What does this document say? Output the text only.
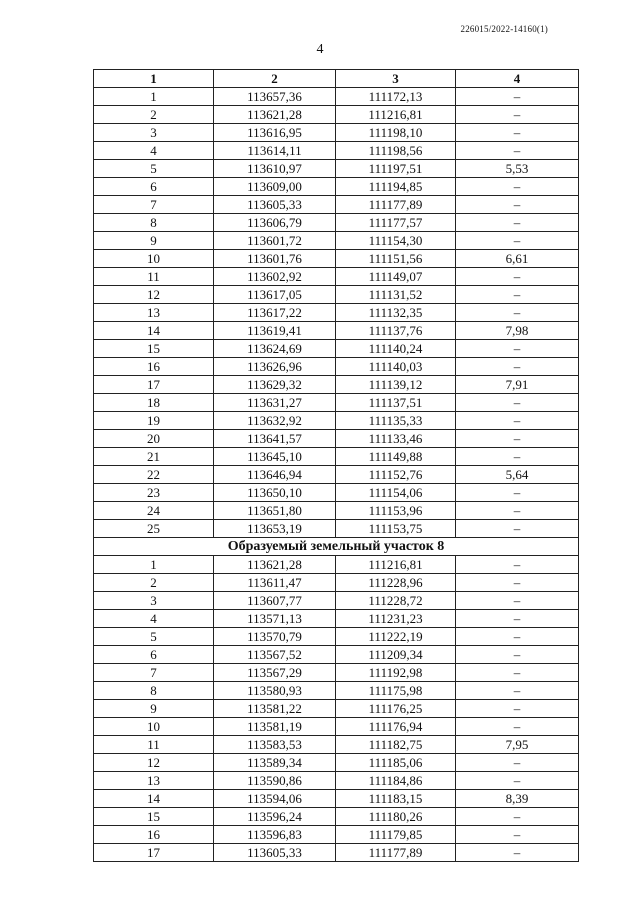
226015/2022-14160(1)
4
1	2	3	4
1	113657,36	111172,13	–
2	113621,28	111216,81	–
3	113616,95	111198,10	–
4	113614,11	111198,56	–
5	113610,97	111197,51	5,53
6	113609,00	111194,85	–
7	113605,33	111177,89	–
8	113606,79	111177,57	–
9	113601,72	111154,30	–
10	113601,76	111151,56	6,61
11	113602,92	111149,07	–
12	113617,05	111131,52	–
13	113617,22	111132,35	–
14	113619,41	111137,76	7,98
15	113624,69	111140,24	–
16	113626,96	111140,03	–
17	113629,32	111139,12	7,91
18	113631,27	111137,51	–
19	113632,92	111135,33	–
20	113641,57	111133,46	–
21	113645,10	111149,88	–
22	113646,94	111152,76	5,64
23	113650,10	111154,06	–
24	113651,80	111153,96	–
25	113653,19	111153,75	–
Образуемый земельный участок 8			
1	113621,28	111216,81	–
2	113611,47	111228,96	–
3	113607,77	111228,72	–
4	113571,13	111231,23	–
5	113570,79	111222,19	–
6	113567,52	111209,34	–
7	113567,29	111192,98	–
8	113580,93	111175,98	–
9	113581,22	111176,25	–
10	113581,19	111176,94	–
11	113583,53	111182,75	7,95
12	113589,34	111185,06	–
13	113590,86	111184,86	–
14	113594,06	111183,15	8,39
15	113596,24	111180,26	–
16	113596,83	111179,85	–
17	113605,33	111177,89	–
